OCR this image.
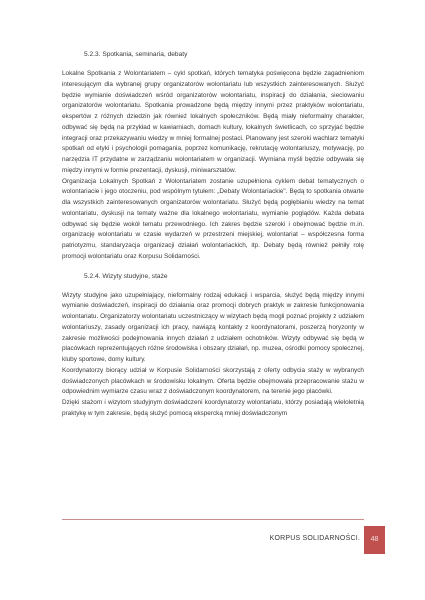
5.2.3. Spotkania, seminaria, debaty

Lokalne Spotkania z Wolontariatem – cykl spotkań, których tematyka poświęcona będzie zagadnieniom interesującym dla wybranej grupy organizatorów wolontariatu lub wszystkich zainteresowanych. Służyć będzie wymianie doświadczeń wśród organizatorów wolontariatu, inspiracji do działania, sieciowaniu organizatorów wolontariatu. Spotkania prowadzone będą między innymi przez praktyków wolontariatu, ekspertów z różnych dziedzin jak również lokalnych społeczników. Będą miały nieformalny charakter, odbywać się będą na przykład w kawiarniach, domach kultury, lokalnych świetlicach, co sprzyjać będzie integracji oraz przekazywaniu wiedzy w mniej formalnej postaci. Planowany jest szeroki wachlarz tematyki spotkań od etyki i psychologii pomagania, poprzez komunikację, rekrutację wolontariuszy, motywację, po narzędzia IT przydatne w zarządzaniu wolontariatem w organizacji. Wymiana myśli będzie odbywała się między innymi w formie prezentacji, dyskusji, miniwarsztatów.

Organizacja Lokalnych Spotkań z Wolontariatem zostanie uzupełniona cyklem debat tematycznych o wolontariacie i jego otoczeniu, pod wspólnym tytułem: „Debaty Wolontariackie". Będą to spotkania otwarte dla wszystkich zainteresowanych organizatorów wolontariatu. Służyć będą pogłębianiu wiedzy na temat wolontariatu, dyskusji na tematy ważne dla lokalnego wolontariatu, wymianie poglądów. Każda debata odbywać się będzie wokół tematu przewodniego. Ich zakres będzie szeroki i obejmować będzie m.in. organizację wolontariatu w czasie wydarzeń w przestrzeni miejskiej, wolontariat – współczesna forma patriotyzmu, standaryzacja organizacji działań wolontariackich, itp. Debaty będą również pełniły rolę promocji wolontariatu oraz Korpusu Solidarności.

5.2.4. Wizyty studyjne, staże

Wizyty studyjne jako uzupełniający, nieformalny rodzaj edukacji i wsparcia, służyć będą między innymi wymianie doświadczeń, inspiracji do działania oraz promocji dobrych praktyk w zakresie funkcjonowania wolontariatu. Organizatorzy wolontariatu uczestniczący w wizytach będą mogli poznać projekty z udziałem wolontariuszy, zasady organizacji ich pracy, nawiązą kontakty z koordynatorami, poszerzą horyzonty w zakresie możliwości podejmowania innych działań z udziałem ochotników. Wizyty odbywać się będą w placówkach reprezentujących różne środowiska i obszary działań, np. muzea, ośrodki pomocy społecznej, kluby sportowe, domy kultury.

Koordynatorzy biorący udział w Korpusie Solidarności skorzystają z oferty odbycia staży w wybranych doświadczonych placówkach w środowisku lokalnym. Oferta będzie obejmowała przepracowanie stażu w odpowiednim wymiarze czasu wraz z doświadczonym koordynatorem, na terenie jego placówki.

Dzięki stażom i wizytom studyjnym doświadczeni koordynatorzy wolontariatu, którzy posiadają wieloletnią praktykę w tym zakresie, będą służyć pomocą ekspercką mniej doświadczonym

KORPUS SOLIDARNOŚCI.	48
